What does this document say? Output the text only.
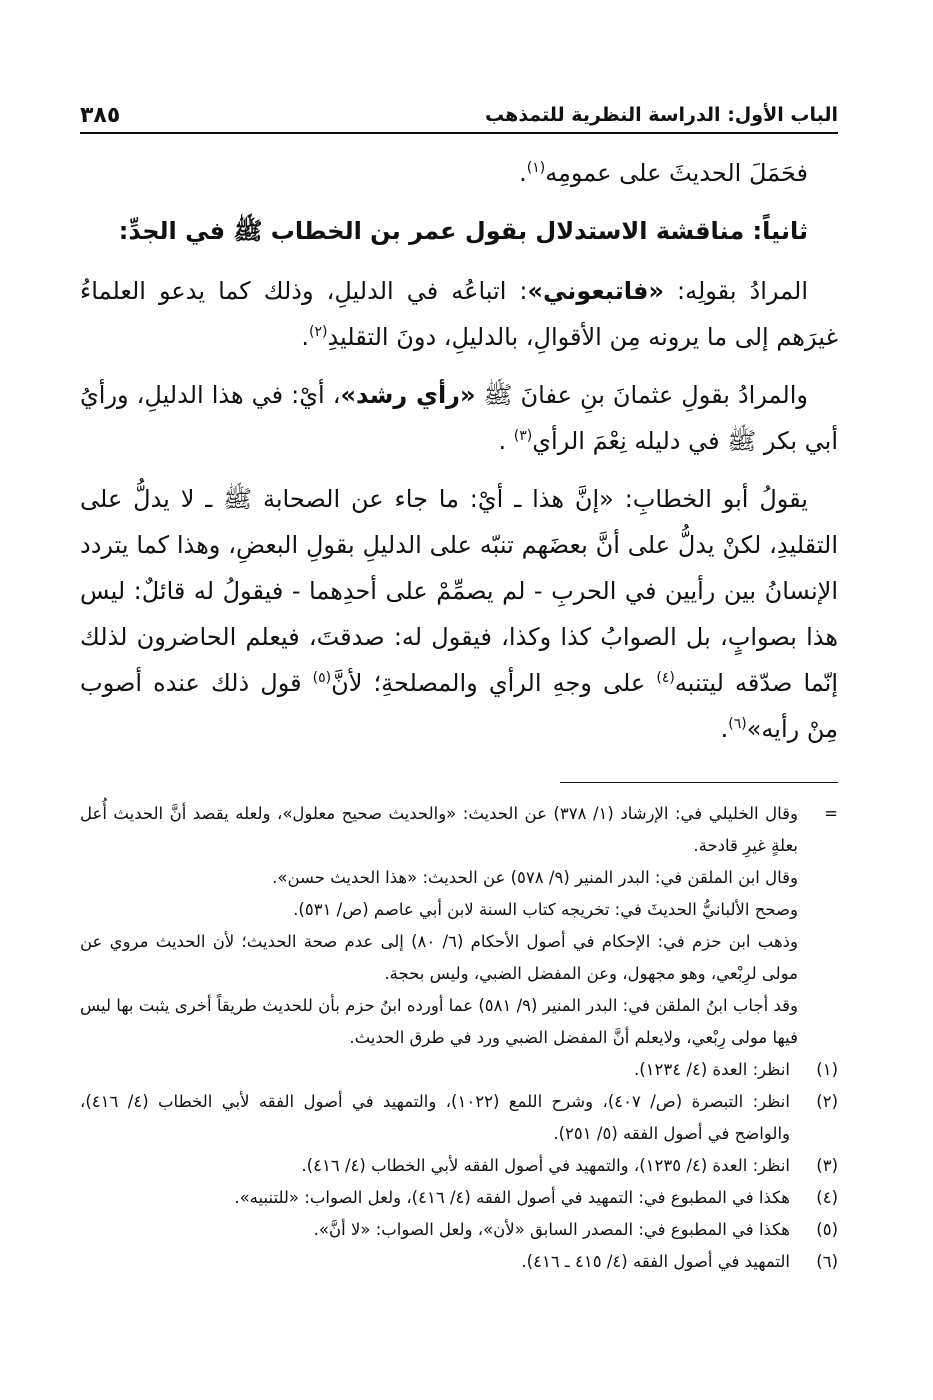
الباب الأول: الدراسة النظرية للتمذهب
٣٨٥

فحَمَلَ الحديثَ على عمومِه$^{(١)}$.

ثانياً: مناقشة الاستدلال بقول عمر بن الخطاب ﷺ في الجدِّ:

المرادُ بقولِه: «فاتبعوني»: اتباعُه في الدليلِ، وذلك كما يدعو العلماءُ غيرَهم إلى ما يرونه مِن الأقوالِ، بالدليلِ، دونَ التقليدِ$^{(٢)}$.

والمرادُ بقولِ عثمانَ بنِ عفانَ ﷺ «رأي رشد»، أيْ: في هذا الدليلِ، ورأيُ أبي بكر ﷺ في دليله نِعْمَ الرأي$^{(٣)}$ .

يقولُ أبو الخطابِ: «إنَّ هذا ـ أيْ: ما جاء عن الصحابة ﷺ ـ لا يدلُّ على التقليدِ، لكنْ يدلُّ على أنَّ بعضَهم تنبّه على الدليلِ بقولِ البعضِ، وهذا كما يتردد الإنسانُ بين رأيين في الحربِ - لم يصمِّمْ على أحدِهما - فيقولُ له قائلٌ: ليس هذا بصوابٍ، بل الصوابُ كذا وكذا، فيقول له: صدقتَ، فيعلم الحاضرون لذلك إنّما صدّقه ليتنبه$^{(٤)}$ على وجهِ الرأي والمصلحةِ؛ لأنَّ$^{(٥)}$ قول ذلك عنده أصوب مِنْ رأيه»$^{(٦)}$.

=
وقال الخليلي في: الإرشاد (١/ ٣٧٨) عن الحديث: «والحديث صحيح معلول»، ولعله يقصد أنَّ الحديث أُعل بعلةٍ غيرِ قادحة.
وقال ابن الملقن في: البدر المنير (٩/ ٥٧٨) عن الحديث: «هذا الحديث حسن».
وصحح الألبانيُّ الحديثَ في: تخريجه كتاب السنة لابن أبي عاصم (ص/ ٥٣١).
وذهب ابن حزم في: الإحكام في أصول الأحكام (٦/ ٨٠) إلى عدم صحة الحديث؛ لأن الحديث مروي عن مولى لرِبْعي، وهو مجهول، وعن المفضل الضبي، وليس بحجة.
وقد أجاب ابنُ الملقن في: البدر المنير (٩/ ٥٨١) عما أورده ابنُ حزم بأن للحديث طريقاً أخرى يثبت بها ليس فيها مولى رِبْعي، ولايعلم أنَّ المفضل الضبي ورد في طرق الحديث.
(١)
انظر: العدة (٤/ ١٢٣٤).
(٢)
انظر: التبصرة (ص/ ٤٠٧)، وشرح اللمع (١٠٢٢)، والتمهيد في أصول الفقه لأبي الخطاب (٤/ ٤١٦)، والواضح في أصول الفقه (٥/ ٢٥١).
(٣)
انظر: العدة (٤/ ١٢٣٥)، والتمهيد في أصول الفقه لأبي الخطاب (٤/ ٤١٦).
(٤)
هكذا في المطبوع في: التمهيد في أصول الفقه (٤/ ٤١٦)، ولعل الصواب: «للتنبيه».
(٥)
هكذا في المطبوع في: المصدر السابق «لأن»، ولعل الصواب: «لا أنَّ».
(٦)
التمهيد في أصول الفقه (٤/ ٤١٥ ـ ٤١٦).
